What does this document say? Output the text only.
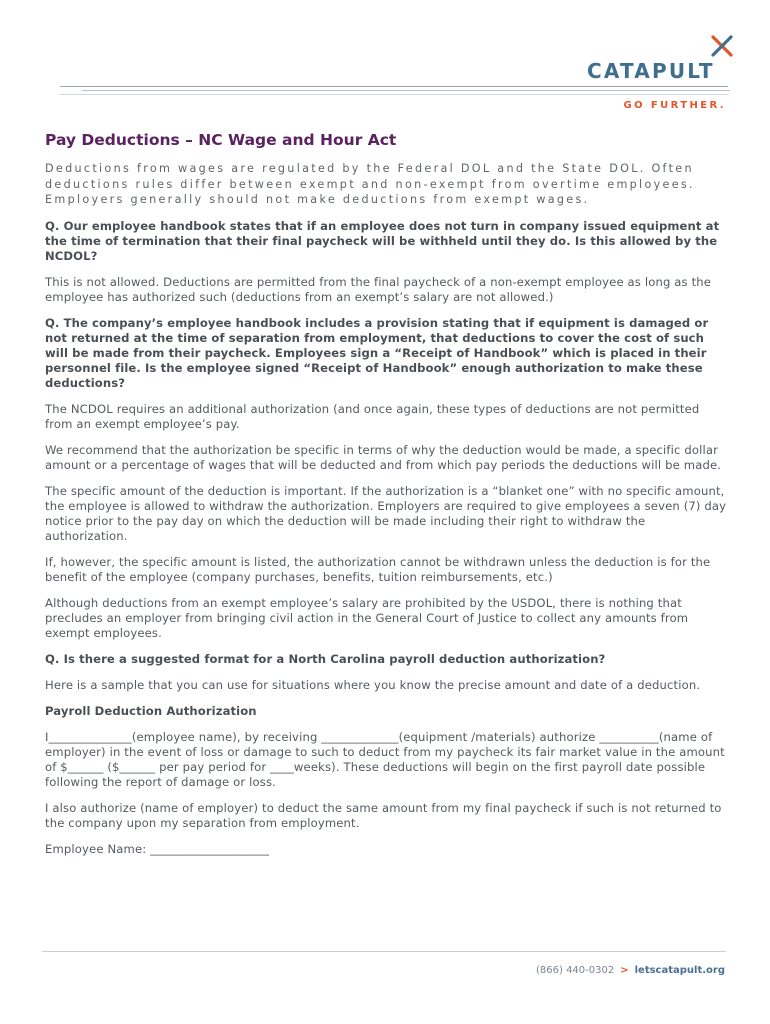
CATAPULT
GO FURTHER.
Pay Deductions – NC Wage and Hour Act

Deductions from wages are regulated by the Federal DOL and the State DOL. Often deductions rules differ between exempt and non-exempt from overtime employees. Employers generally should not make deductions from exempt wages.

Q. Our employee handbook states that if an employee does not turn in company issued equipment at the time of termination that their final paycheck will be withheld until they do. Is this allowed by the NCDOL?

This is not allowed. Deductions are permitted from the final paycheck of a non-exempt employee as long as the employee has authorized such (deductions from an exempt’s salary are not allowed.)

Q. The company’s employee handbook includes a provision stating that if equipment is damaged or not returned at the time of separation from employment, that deductions to cover the cost of such will be made from their paycheck. Employees sign a “Receipt of Handbook” which is placed in their personnel file. Is the employee signed “Receipt of Handbook” enough authorization to make these deductions?

The NCDOL requires an additional authorization (and once again, these types of deductions are not permitted from an exempt employee’s pay.

We recommend that the authorization be specific in terms of why the deduction would be made, a specific dollar amount or a percentage of wages that will be deducted and from which pay periods the deductions will be made.

The specific amount of the deduction is important. If the authorization is a “blanket one” with no specific amount, the employee is allowed to withdraw the authorization. Employers are required to give employees a seven (7) day notice prior to the pay day on which the deduction will be made including their right to withdraw the authorization.

If, however, the specific amount is listed, the authorization cannot be withdrawn unless the deduction is for the benefit of the employee (company purchases, benefits, tuition reimbursements, etc.)

Although deductions from an exempt employee’s salary are prohibited by the USDOL, there is nothing that precludes an employer from bringing civil action in the General Court of Justice to collect any amounts from exempt employees.

Q. Is there a suggested format for a North Carolina payroll deduction authorization?

Here is a sample that you can use for situations where you know the precise amount and date of a deduction.

Payroll Deduction Authorization

I______________(employee name), by receiving _____________(equipment /materials) authorize __________(name of employer) in the event of loss or damage to such to deduct from my paycheck its fair market value in the amount of $______ ($______ per pay period for ____weeks). These deductions will begin on the first payroll date possible following the report of damage or loss.

I also authorize (name of employer) to deduct the same amount from my final paycheck if such is not returned to the company upon my separation from employment.

Employee Name: ____________________

(866) 440-0302 > letscatapult.org
